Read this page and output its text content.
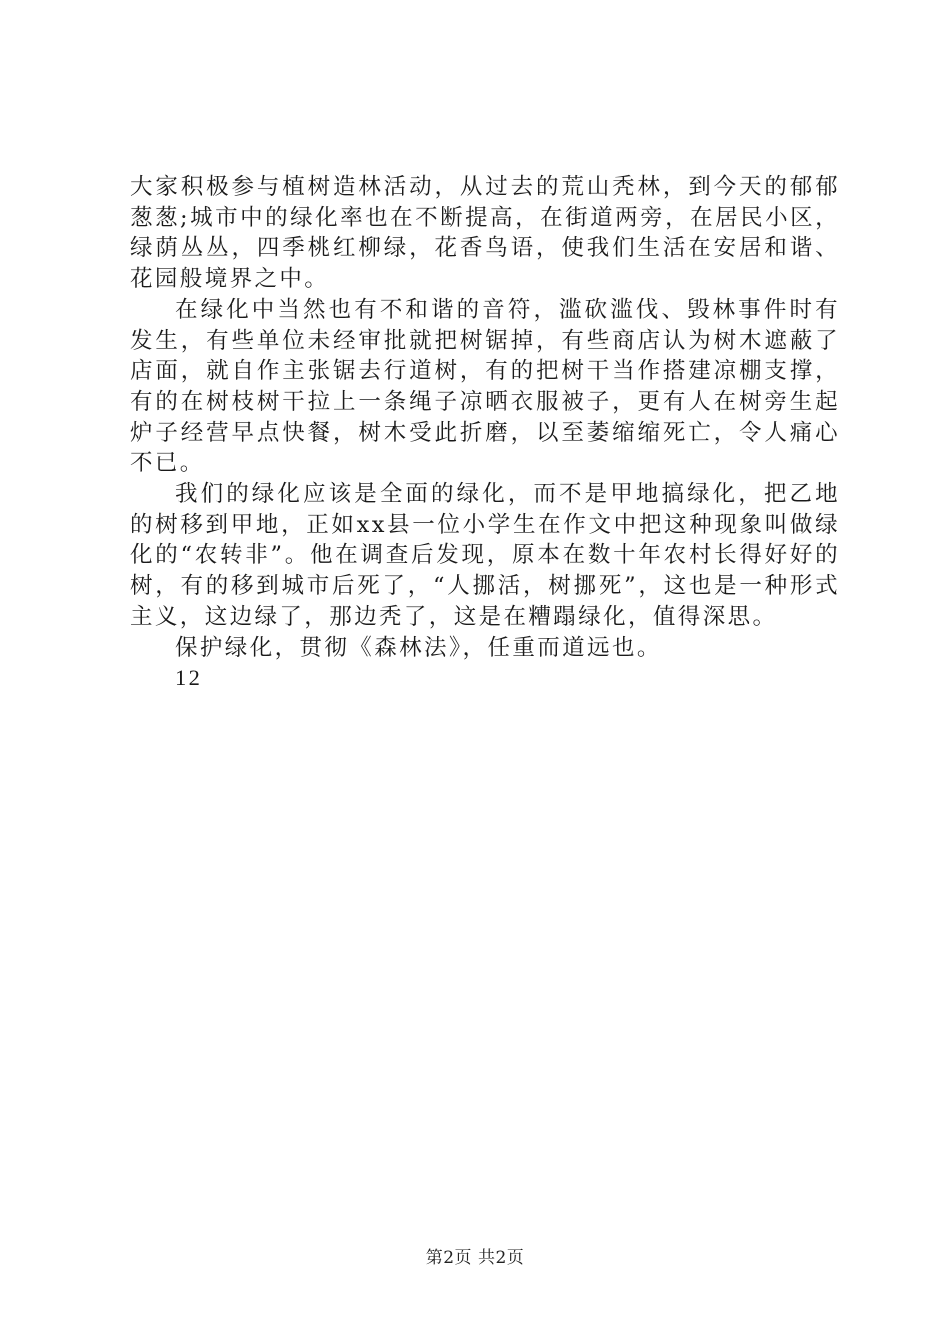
大家积极参与植树造林活动，从过去的荒山秃林，到今天的郁郁葱葱;城市中的绿化率也在不断提高，在街道两旁，在居民小区，绿荫丛丛，四季桃红柳绿，花香鸟语，使我们生活在安居和谐、花园般境界之中。

在绿化中当然也有不和谐的音符，滥砍滥伐、毁林事件时有发生，有些单位未经审批就把树锯掉，有些商店认为树木遮蔽了店面，就自作主张锯去行道树，有的把树干当作搭建凉棚支撑，有的在树枝树干拉上一条绳子凉晒衣服被子，更有人在树旁生起炉子经营早点快餐，树木受此折磨，以至萎缩缩死亡，令人痛心不已。

我们的绿化应该是全面的绿化，而不是甲地搞绿化，把乙地的树移到甲地，正如xx县一位小学生在作文中把这种现象叫做绿化的“农转非”。他在调查后发现，原本在数十年农村长得好好的树，有的移到城市后死了，“人挪活，树挪死”，这也是一种形式主义，这边绿了，那边秃了，这是在糟蹋绿化，值得深思。

保护绿化，贯彻《森林法》，任重而道远也。

12

第2页 共2页
